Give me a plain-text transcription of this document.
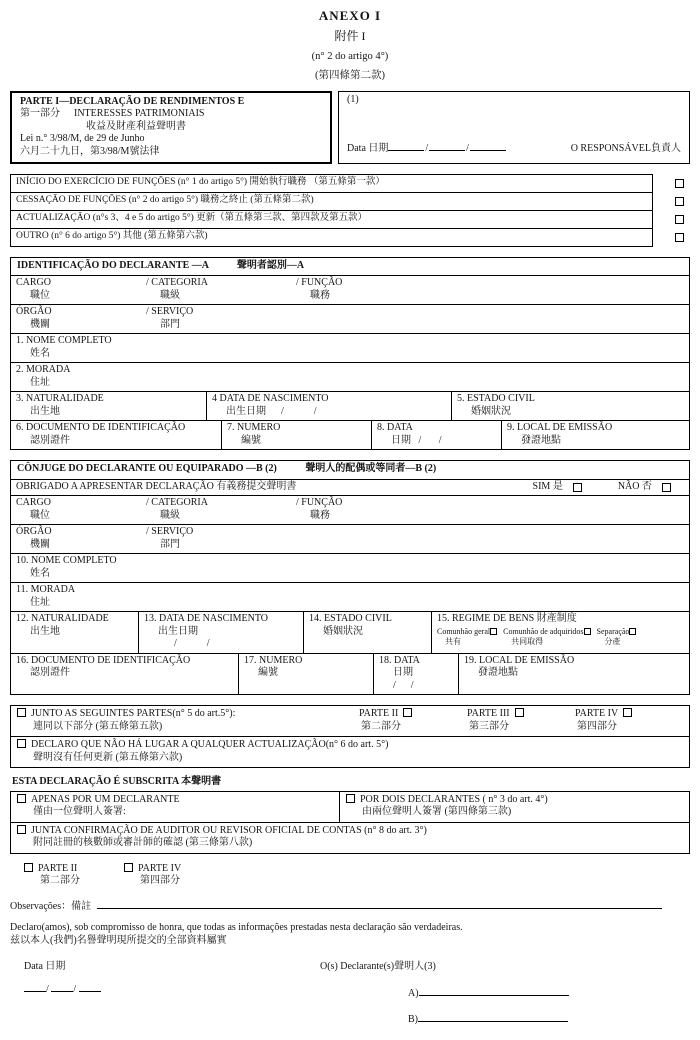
ANEXO I
附件 I
(n° 2 do artigo 4°)
(第四條第二款)
PARTE I—DECLARAÇÃO DE RENDIMENTOS E
第一部分 INTERESSES PATRIMONIAIS
收益及財產利益聲明書
Lei n.° 3/98/M, de 29 de Junho
六月二十九日，第3/98/M號法律
(1)
Data 日期	/	/	O RESPONSÁVEL負責人
INÍCIO DO EXERCÍCIO DE FUNÇÕES (n° 1 do artigo 5°) 開始執行職務 （第五條第一款）
CESSAÇÃO DE FUNÇÕES (n° 2 do artigo 5°) 職務之終止 (第五條第二款)
ACTUALIZAÇÃO (n°s 3、4 e 5 do artigo 5°) 更新（第五條第三款、第四款及第五款）
OUTRO (n° 6 do artigo 5°) 其他 (第五條第六款)
IDENTIFICAÇÃO DO DECLARANTE —A	聲明者認別—A
CARGO
職位
/ CATEGORIA
職級
/ FUNÇÃO
職務
ÓRGÃO
機關
/ SERVIÇO
部門
1. NOME COMPLETO
姓名
2. MORADA
住址
3. NATURALIDADE
出生地
4 DATA DE NASCIMENTO
出生日期 /            /
5. ESTADO CIVIL
婚姻狀況
6. DOCUMENTO DE IDENTIFICAÇÃO
認別證件
7. NUMERO
編號
8. DATA
日期 /       /
9. LOCAL DE EMISSÃO
發證地點
CÔNJUGE DO DECLARANTE OU EQUIPARADO —B (2)	聲明人的配偶或等同者—B (2)
OBRIGADO A APRESENTAR DECLARAÇÃO 有義務提交聲明書	SIM 是	NÃO 否
CARGO
職位
/ CATEGORIA
職級
/ FUNÇÃO
職務
ÓRGÃO
機關
/ SERVIÇO
部門
10. NOME COMPLETO
姓名
11. MORADA
住址
12. NATURALIDADE
出生地
13. DATA DE NASCIMENTO
出生日期
/            /
14. ESTADO CIVIL
婚姻狀況
15. REGIME DE BENS 財產制度
Comunhão geral
共有
Comunhão de adquiridos
共同取得
Separação
分產
16. DOCUMENTO DE IDENTIFICAÇÃO
認別證件
17. NUMERO
編號
18. DATA
日期
/      /
19. LOCAL DE EMISSÃO
發證地點
JUNTO AS SEGUINTES PARTES(n° 5 do art.5°):
連同以下部分 (第五條第五款)
PARTE II
第二部分
PARTE III
第三部分
PARTE IV
第四部分
DECLARO QUE NÃO HÁ LUGAR A QUALQUER ACTUALIZAÇÃO(n° 6 do art. 5°)
聲明沒有任何更新 (第五條第六款)
ESTA DECLARAÇÃO É SUBSCRITA 本聲明書
APENAS POR UM DECLARANTE
僅由一位聲明人簽署:
POR DOIS DECLARANTES ( n° 3 do art. 4°)
由兩位聲明人簽署 (第四條第三款)
JUNTA CONFIRMAÇÃO DE AUDITOR OU REVISOR OFICIAL DE CONTAS (n° 8 do art. 3°)
附同註冊的核數師或審計師的確認 (第三條第八款)
PARTE II
第二部分
PARTE IV
第四部分
Observações：備註
Declaro(amos), sob compromisso de honra, que todas as informações prestadas nesta declaração são verdadeiras.
兹以本人(我們)名譽聲明現所提交的全部資料屬實
Data 日期
/ /
O(s) Declarante(s)聲明人(3)
A)
B)
